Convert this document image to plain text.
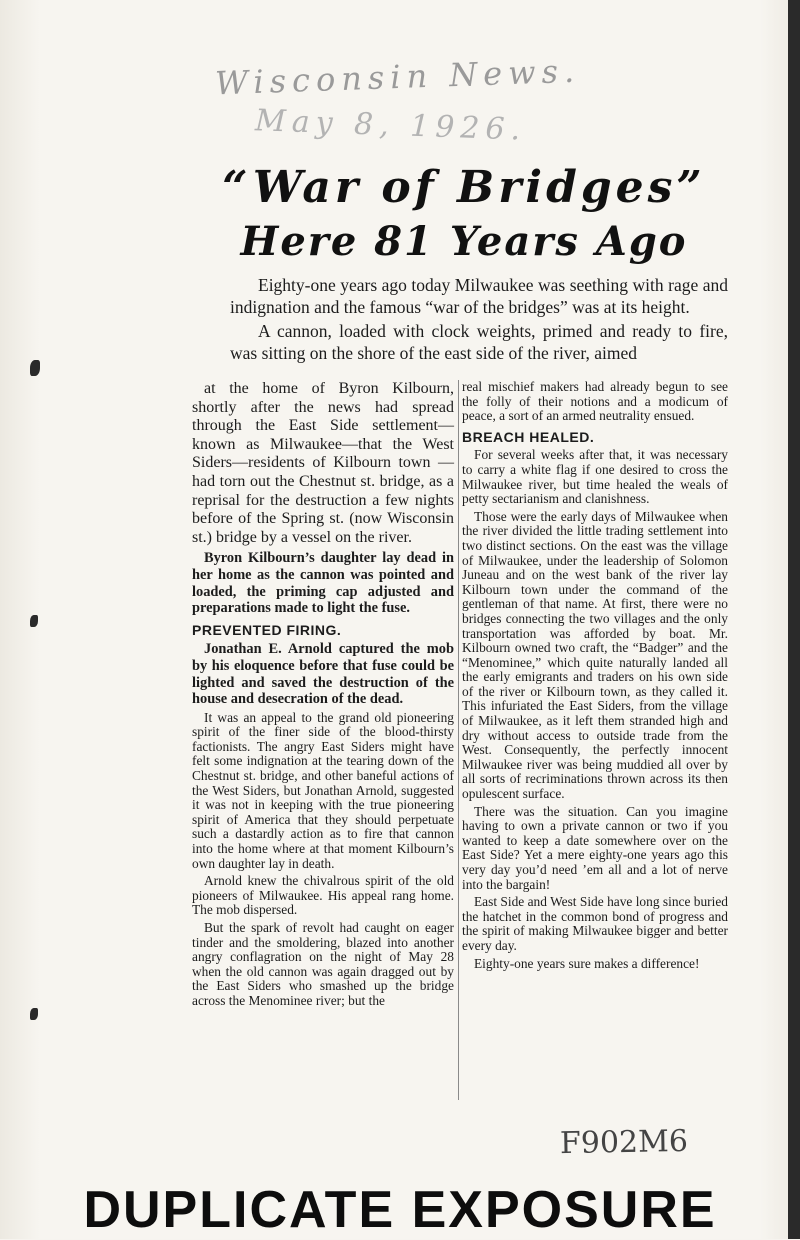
Wisconsin News.
May 8, 1926.
“War of Bridges”
Here 81 Years Ago

Eighty-one years ago today Milwaukee was seething with rage and indignation and the famous “war of the bridges” was at its height.

A cannon, loaded with clock weights, primed and ready to fire, was sitting on the shore of the east side of the river, aimed

at the home of Byron Kilbourn, shortly after the news had spread through the East Side settlement—known as Milwaukee—that the West Siders—residents of Kilbourn town — had torn out the Chestnut st. bridge, as a reprisal for the destruction a few nights before of the Spring st. (now Wisconsin st.) bridge by a vessel on the river.

Byron Kilbourn’s daughter lay dead in her home as the cannon was pointed and loaded, the priming cap adjusted and preparations made to light the fuse.

PREVENTED FIRING.

Jonathan E. Arnold captured the mob by his eloquence before that fuse could be lighted and saved the destruction of the house and desecration of the dead.

It was an appeal to the grand old pioneering spirit of the finer side of the blood-thirsty factionists. The angry East Siders might have felt some indignation at the tearing down of the Chestnut st. bridge, and other baneful actions of the West Siders, but Jonathan Arnold, suggested it was not in keeping with the true pioneering spirit of America that they should perpetuate such a dastardly action as to fire that cannon into the home where at that moment Kilbourn’s own daughter lay in death.

Arnold knew the chivalrous spirit of the old pioneers of Milwaukee. His appeal rang home. The mob dispersed.

But the spark of revolt had caught on eager tinder and the smoldering, blazed into another angry conflagration on the night of May 28 when the old cannon was again dragged out by the East Siders who smashed up the bridge across the Menominee river; but the

real mischief makers had already begun to see the folly of their notions and a modicum of peace, a sort of an armed neutrality ensued.

BREACH HEALED.

For several weeks after that, it was necessary to carry a white flag if one desired to cross the Milwaukee river, but time healed the weals of petty sectarianism and clanishness.

Those were the early days of Milwaukee when the river divided the little trading settlement into two distinct sections. On the east was the village of Milwaukee, under the leadership of Solomon Juneau and on the west bank of the river lay Kilbourn town under the command of the gentleman of that name. At first, there were no bridges connecting the two villages and the only transportation was afforded by boat. Mr. Kilbourn owned two craft, the “Badger” and the “Menominee,” which quite naturally landed all the early emigrants and traders on his own side of the river or Kilbourn town, as they called it. This infuriated the East Siders, from the village of Milwaukee, as it left them stranded high and dry without access to outside trade from the West. Consequently, the perfectly innocent Milwaukee river was being muddied all over by all sorts of recriminations thrown across its then opulescent surface.

There was the situation. Can you imagine having to own a private cannon or two if you wanted to keep a date somewhere over on the East Side? Yet a mere eighty-one years ago this very day you’d need ’em all and a lot of nerve into the bargain!

East Side and West Side have long since buried the hatchet in the common bond of progress and the spirit of making Milwaukee bigger and better every day.

Eighty-one years sure makes a difference!

F902M6
DUPLICATE EXPOSURE
